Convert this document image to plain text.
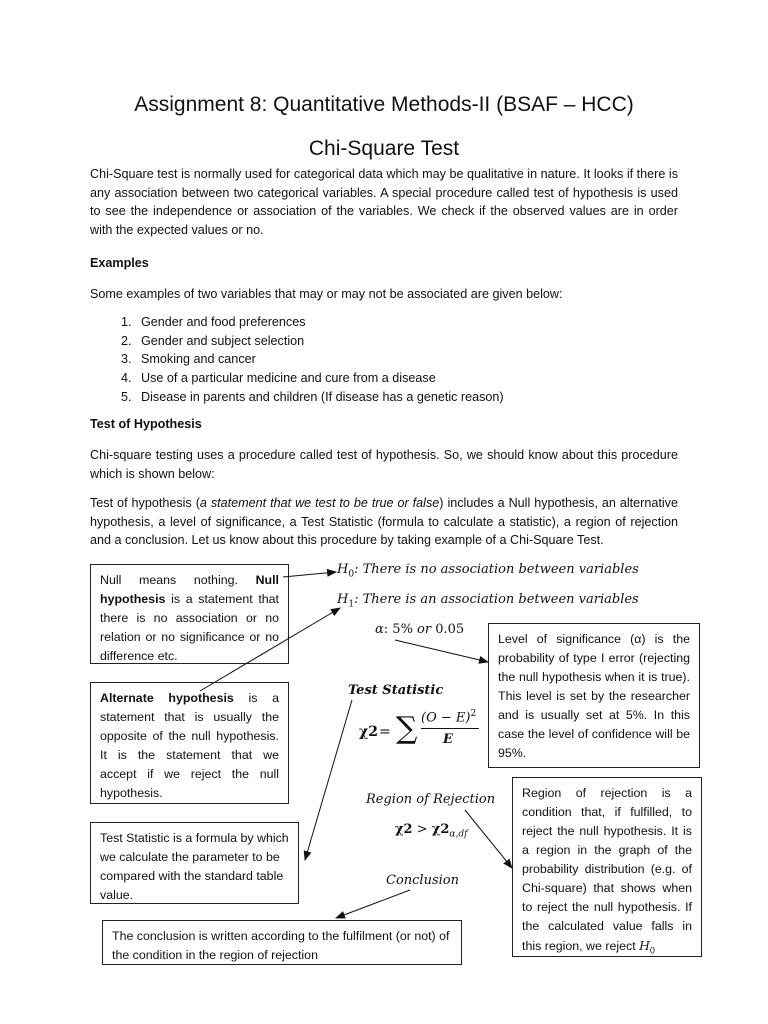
Assignment 8: Quantitative Methods-II (BSAF – HCC)
Chi-Square Test

Chi-Square test is normally used for categorical data which may be qualitative in nature. It looks if there is any association between two categorical variables. A special procedure called test of hypothesis is used to see the independence or association of the variables. We check if the observed values are in order with the expected values or no.

Examples

Some examples of two variables that may or may not be associated are given below:

1. Gender and food preferences
2. Gender and subject selection
3. Smoking and cancer
4. Use of a particular medicine and cure from a disease
5. Disease in parents and children (If disease has a genetic reason)
Test of Hypothesis

Chi-square testing uses a procedure called test of hypothesis. So, we should know about this procedure which is shown below:

Test of hypothesis (a statement that we test to be true or false) includes a Null hypothesis, an alternative hypothesis, a level of significance, a Test Statistic (formula to calculate a statistic), a region of rejection and a conclusion. Let us know about this procedure by taking example of a Chi-Square Test.

Null means nothing. Null hypothesis is a statement that there is no association or no relation or no significance or no difference etc.
Alternate hypothesis is a statement that is usually the opposite of the null hypothesis. It is the statement that we accept if we reject the null hypothesis.
Test Statistic is a formula by which we calculate the parameter to be compared with the standard table value.
The conclusion is written according to the fulfilment (or not) of the condition in the region of rejection
Level of significance (α) is the probability of type I error (rejecting the null hypothesis when it is true). This level is set by the researcher and is usually set at 5%. In this case the level of confidence will be 95%.
Region of rejection is a condition that, if fulfilled, to reject the null hypothesis. It is a region in the graph of the probability distribution (e.g. of Chi-square) that shows when to reject the null hypothesis. If the calculated value falls in this region, we reject $H_0$
$H_0$: There is no association between variables
$H_1$: There is an association between variables
α: 5% or 0.05
Test Statistic
χ2 = ∑ $(O - E)^2$
E
Region of Rejection
$\chi 2 > \chi 2_{\alpha,df}$
Conclusion
